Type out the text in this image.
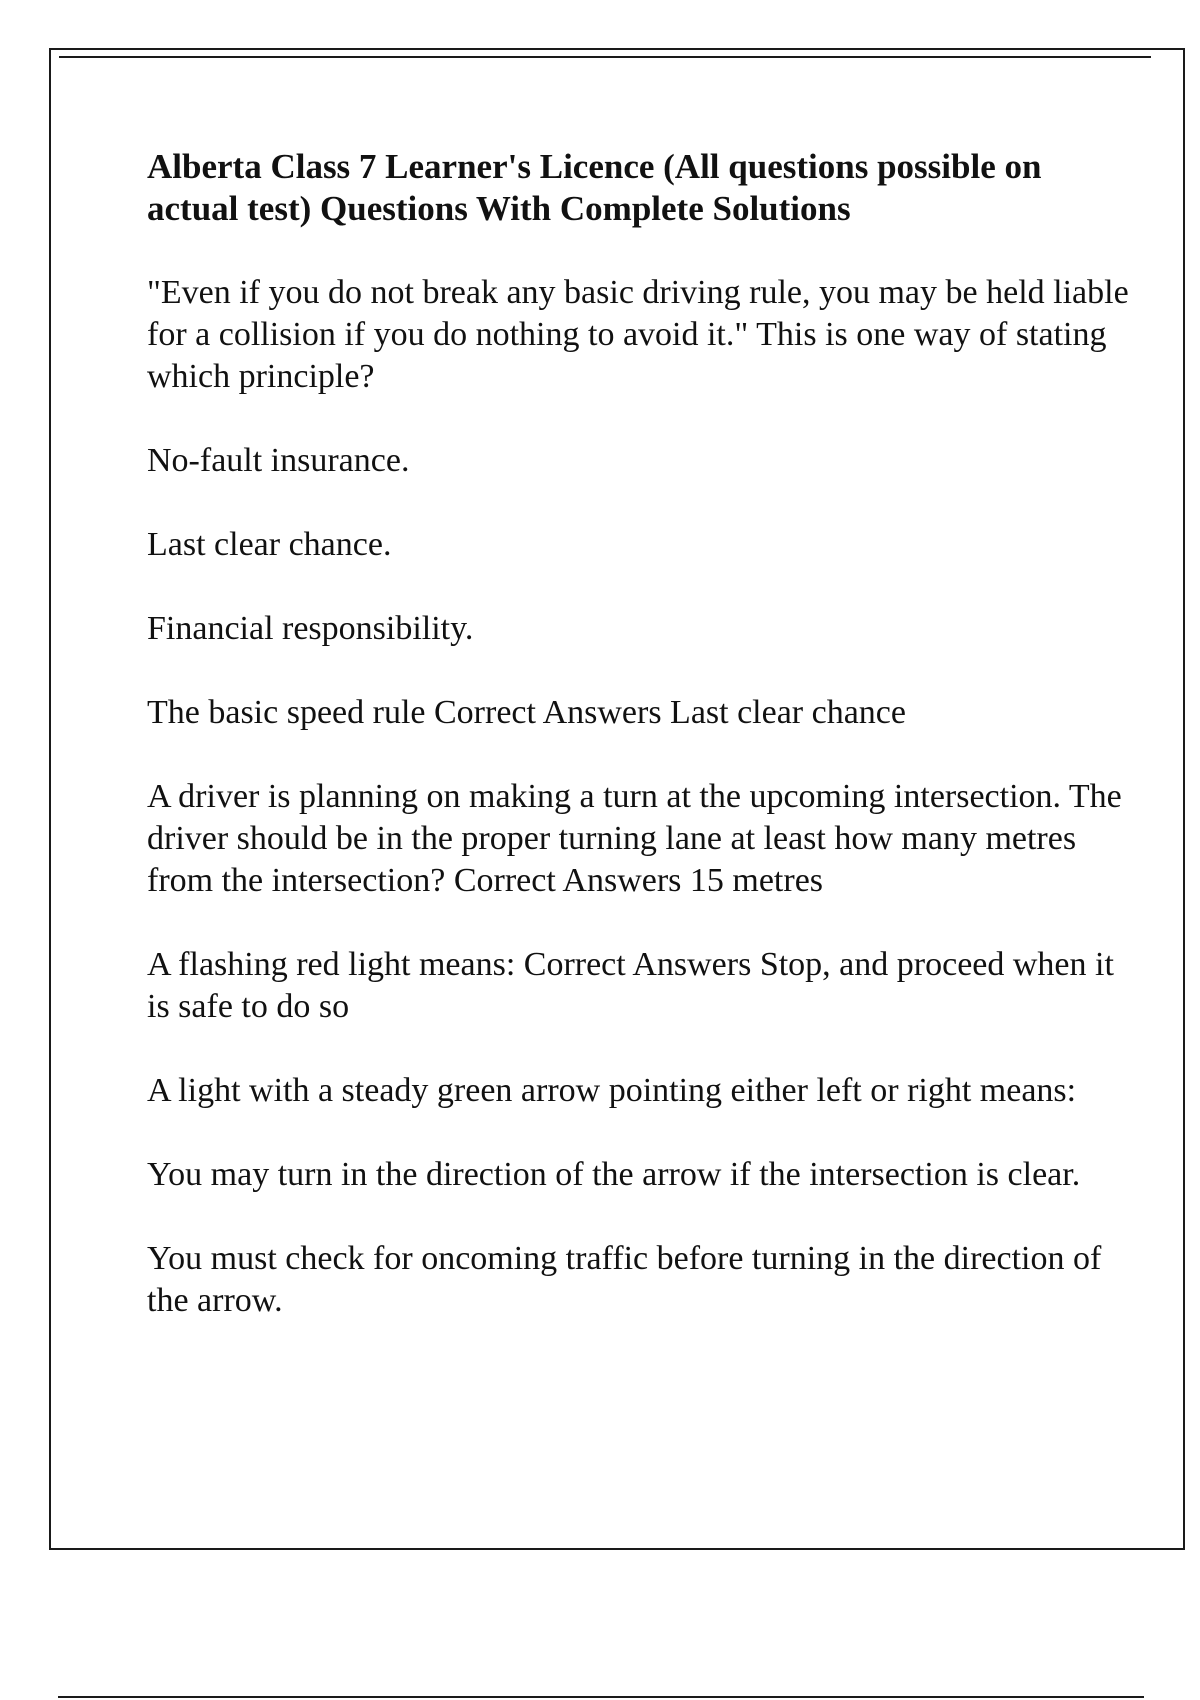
Alberta Class 7 Learner's Licence (All questions possible on actual test) Questions With Complete Solutions

"Even if you do not break any basic driving rule, you may be held liable for a collision if you do nothing to avoid it." This is one way of stating which principle?

No-fault insurance.

Last clear chance.

Financial responsibility.

The basic speed rule Correct Answers Last clear chance

A driver is planning on making a turn at the upcoming intersection. The driver should be in the proper turning lane at least how many metres from the intersection? Correct Answers 15 metres

A flashing red light means: Correct Answers Stop, and proceed when it is safe to do so

A light with a steady green arrow pointing either left or right means:

You may turn in the direction of the arrow if the intersection is clear.

You must check for oncoming traffic before turning in the direction of the arrow.
